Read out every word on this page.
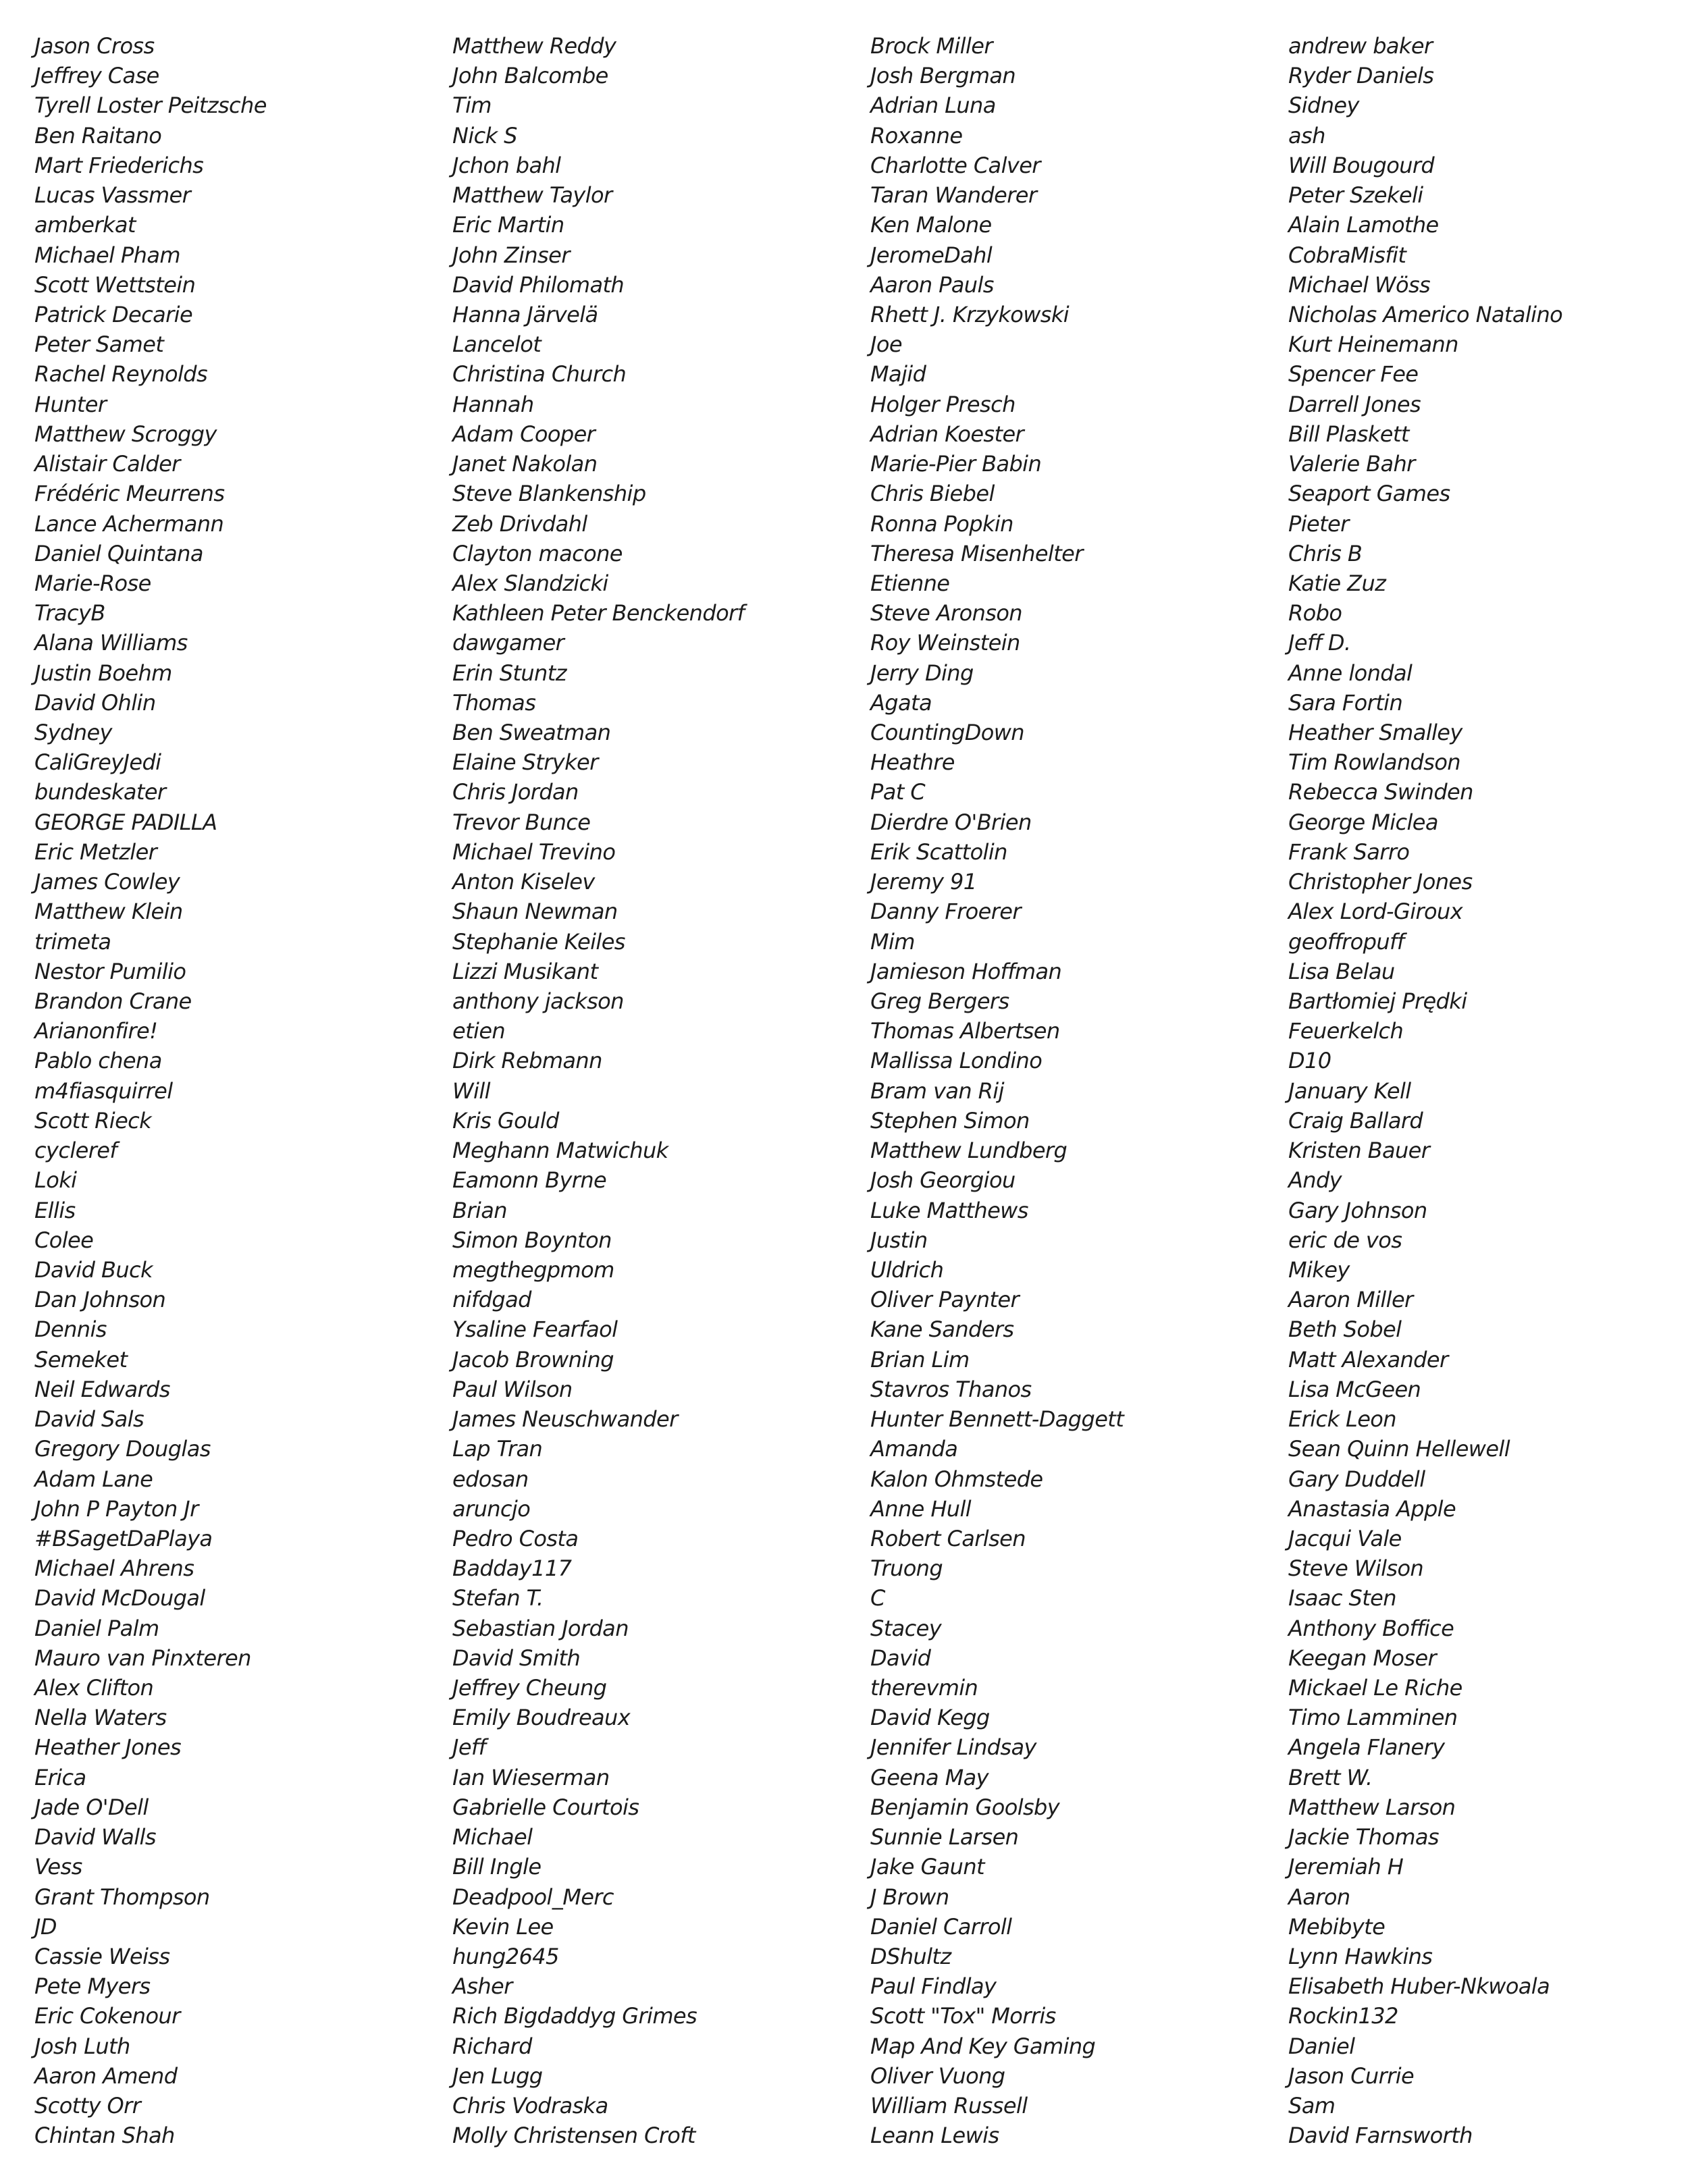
Jason Cross
Jeffrey Case
Tyrell Loster Peitzsche
Ben Raitano
Mart Friederichs
Lucas Vassmer
amberkat
Michael Pham
Scott Wettstein
Patrick Decarie
Peter Samet
Rachel Reynolds
Hunter
Matthew Scroggy
Alistair Calder
Frédéric Meurrens
Lance Achermann
Daniel Quintana
Marie-Rose
TracyB
Alana Williams
Justin Boehm
David Ohlin
Sydney
CaliGreyJedi
bundeskater
GEORGE PADILLA
Eric Metzler
James Cowley
Matthew Klein
trimeta
Nestor Pumilio
Brandon Crane
Arianonfire!
Pablo chena
m4fiasquirrel
Scott Rieck
cycleref
Loki
Ellis
Colee
David Buck
Dan Johnson
Dennis
Semeket
Neil Edwards
David Sals
Gregory Douglas
Adam Lane
John P Payton Jr
#BSagetDaPlaya
Michael Ahrens
David McDougal
Daniel Palm
Mauro van Pinxteren
Alex Clifton
Nella Waters
Heather Jones
Erica
Jade O'Dell
David Walls
Vess
Grant Thompson
JD
Cassie Weiss
Pete Myers
Eric Cokenour
Josh Luth
Aaron Amend
Scotty Orr
Chintan Shah
Matthew Reddy
John Balcombe
Tim
Nick S
Jchon bahl
Matthew Taylor
Eric Martin
John Zinser
David Philomath
Hanna Järvelä
Lancelot
Christina Church
Hannah
Adam Cooper
Janet Nakolan
Steve Blankenship
Zeb Drivdahl
Clayton macone
Alex Slandzicki
Kathleen Peter Benckendorf
dawgamer
Erin Stuntz
Thomas
Ben Sweatman
Elaine Stryker
Chris Jordan
Trevor Bunce
Michael Trevino
Anton Kiselev
Shaun Newman
Stephanie Keiles
Lizzi Musikant
anthony jackson
etien
Dirk Rebmann
Will
Kris Gould
Meghann Matwichuk
Eamonn Byrne
Brian
Simon Boynton
megthegpmom
nifdgad
Ysaline Fearfaol
Jacob Browning
Paul Wilson
James Neuschwander
Lap Tran
edosan
aruncjo
Pedro Costa
Badday117
Stefan T.
Sebastian Jordan
David Smith
Jeffrey Cheung
Emily Boudreaux
Jeff
Ian Wieserman
Gabrielle Courtois
Michael
Bill Ingle
Deadpool_Merc
Kevin Lee
hung2645
Asher
Rich Bigdaddyg Grimes
Richard
Jen Lugg
Chris Vodraska
Molly Christensen Croft
Brock Miller
Josh Bergman
Adrian Luna
Roxanne
Charlotte Calver
Taran Wanderer
Ken Malone
JeromeDahl
Aaron Pauls
Rhett J. Krzykowski
Joe
Majid
Holger Presch
Adrian Koester
Marie-Pier Babin
Chris Biebel
Ronna Popkin
Theresa Misenhelter
Etienne
Steve Aronson
Roy Weinstein
Jerry Ding
Agata
CountingDown
Heathre
Pat C
Dierdre O'Brien
Erik Scattolin
Jeremy 91
Danny Froerer
Mim
Jamieson Hoffman
Greg Bergers
Thomas Albertsen
Mallissa Londino
Bram van Rij
Stephen Simon
Matthew Lundberg
Josh Georgiou
Luke Matthews
Justin
Uldrich
Oliver Paynter
Kane Sanders
Brian Lim
Stavros Thanos
Hunter Bennett-Daggett
Amanda
Kalon Ohmstede
Anne Hull
Robert Carlsen
Truong
C
Stacey
David
therevmin
David Kegg
Jennifer Lindsay
Geena May
Benjamin Goolsby
Sunnie Larsen
Jake Gaunt
J Brown
Daniel Carroll
DShultz
Paul Findlay
Scott "Tox" Morris
Map And Key Gaming
Oliver Vuong
William Russell
Leann Lewis
andrew baker
Ryder Daniels
Sidney
ash
Will Bougourd
Peter Szekeli
Alain Lamothe
CobraMisfit
Michael Wöss
Nicholas Americo Natalino
Kurt Heinemann
Spencer Fee
Darrell Jones
Bill Plaskett
Valerie Bahr
Seaport Games
Pieter
Chris B
Katie Zuz
Robo
Jeff D.
Anne londal
Sara Fortin
Heather Smalley
Tim Rowlandson
Rebecca Swinden
George Miclea
Frank Sarro
Christopher Jones
Alex Lord-Giroux
geoffropuff
Lisa Belau
Bartłomiej Prędki
Feuerkelch
D10
January Kell
Craig Ballard
Kristen Bauer
Andy
Gary Johnson
eric de vos
Mikey
Aaron Miller
Beth Sobel
Matt Alexander
Lisa McGeen
Erick Leon
Sean Quinn Hellewell
Gary Duddell
Anastasia Apple
Jacqui Vale
Steve Wilson
Isaac Sten
Anthony Boffice
Keegan Moser
Mickael Le Riche
Timo Lamminen
Angela Flanery
Brett W.
Matthew Larson
Jackie Thomas
Jeremiah H
Aaron
Mebibyte
Lynn Hawkins
Elisabeth Huber-Nkwoala
Rockin132
Daniel
Jason Currie
Sam
David Farnsworth
